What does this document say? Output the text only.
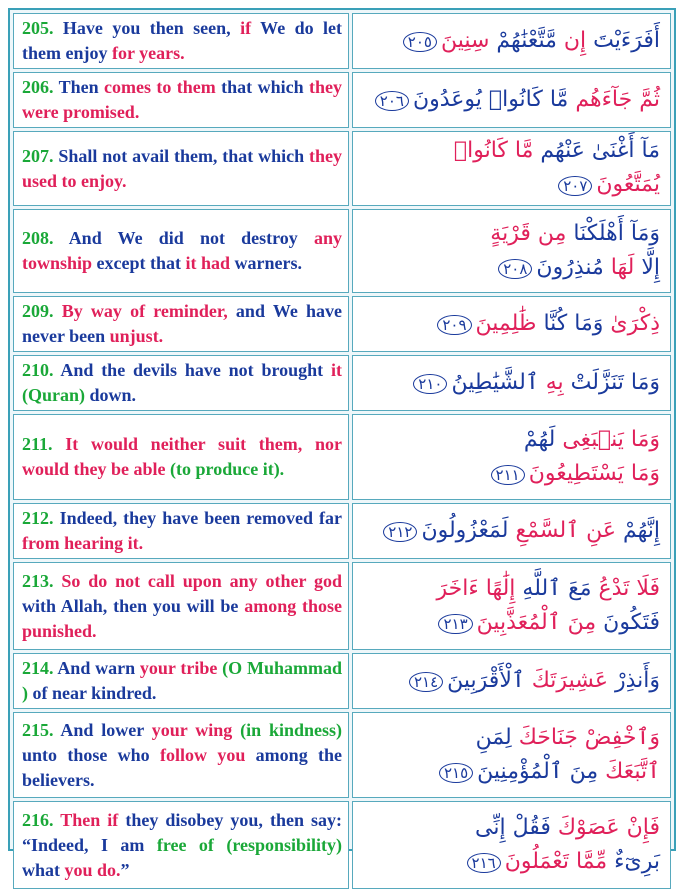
205. Have you then seen, if We do let them enjoy for years.	أَفَرَءَيْتَ إِن مَّتَّعْنَٰهُمْ سِنِينَ٢٠٥

206. Then comes to them that which they were promised.	ثُمَّ جَآءَهُم مَّا كَانُوا۟ يُوعَدُونَ٢٠٦

207. Shall not avail them, that which they used to enjoy.	مَآ أَغْنَىٰ عَنْهُم مَّا كَانُوا۟ يُمَتَّعُونَ٢٠٧

208. And We did not destroy any township except that it had warners.	وَمَآ أَهْلَكْنَا مِن قَرْيَةٍ
إِلَّا لَهَا مُنذِرُونَ٢٠٨

209. By way of reminder, and We have never been unjust.	ذِكْرَىٰ وَمَا كُنَّا ظَٰلِمِينَ٢٠٩

210. And the devils have not brought it (Quran) down.	وَمَا تَنَزَّلَتْ بِهِ ٱلشَّيَٰطِينُ٢١٠

211. It would neither suit them, nor would they be able (to produce it).	وَمَا يَنۢبَغِى لَهُمْ
وَمَا يَسْتَطِيعُونَ٢١١

212. Indeed, they have been removed far from hearing it.	إِنَّهُمْ عَنِ ٱلسَّمْعِ لَمَعْزُولُونَ٢١٢

213. So do not call upon any other god with Allah, then you will be among those punished.	فَلَا تَدْعُ مَعَ ٱللَّهِ إِلَٰهًا ءَاخَرَ
فَتَكُونَ مِنَ ٱلْمُعَذَّبِينَ٢١٣

214. And warn your tribe (O Muhammad ) of near kindred.	وَأَنذِرْ عَشِيرَتَكَ ٱلْأَقْرَبِينَ٢١٤

215. And lower your wing (in kindness) unto those who follow you among the believers.	وَٱخْفِضْ جَنَاحَكَ لِمَنِ
ٱتَّبَعَكَ مِنَ ٱلْمُؤْمِنِينَ٢١٥

216. Then if they disobey you, then say: “Indeed, I am free of (responsibility) what you do.”	فَإِنْ عَصَوْكَ فَقُلْ إِنِّى
بَرِىٓءٌ مِّمَّا تَعْمَلُونَ٢١٦
